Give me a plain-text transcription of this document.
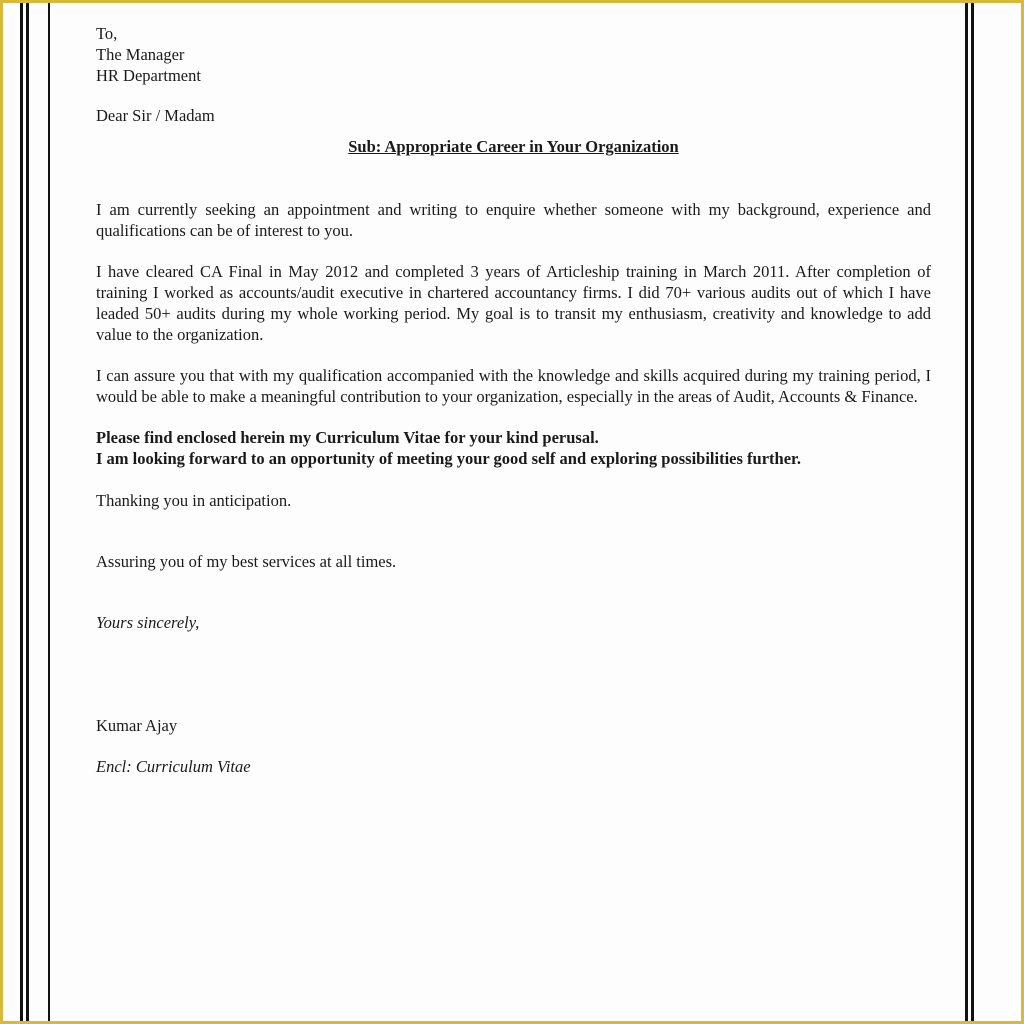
To,
The Manager
HR Department
Dear Sir / Madam
Sub: Appropriate Career in Your Organization

I am currently seeking an appointment and writing to enquire whether someone with my background, experience and qualifications can be of interest to you.

I have cleared CA Final in May 2012 and completed 3 years of Articleship training in March 2011. After completion of training I worked as accounts/audit executive in chartered accountancy firms. I did 70+ various audits out of which I have leaded 50+ audits during my whole working period. My goal is to transit my enthusiasm, creativity and knowledge to add value to the organization.

I can assure you that with my qualification accompanied with the knowledge and skills acquired during my training period, I would be able to make a meaningful contribution to your organization, especially in the areas of Audit, Accounts & Finance.

Please find enclosed herein my Curriculum Vitae for your kind perusal.
I am looking forward to an opportunity of meeting your good self and exploring possibilities further.
Thanking you in anticipation.
Assuring you of my best services at all times.
Yours sincerely,
Kumar Ajay
Encl: Curriculum Vitae
